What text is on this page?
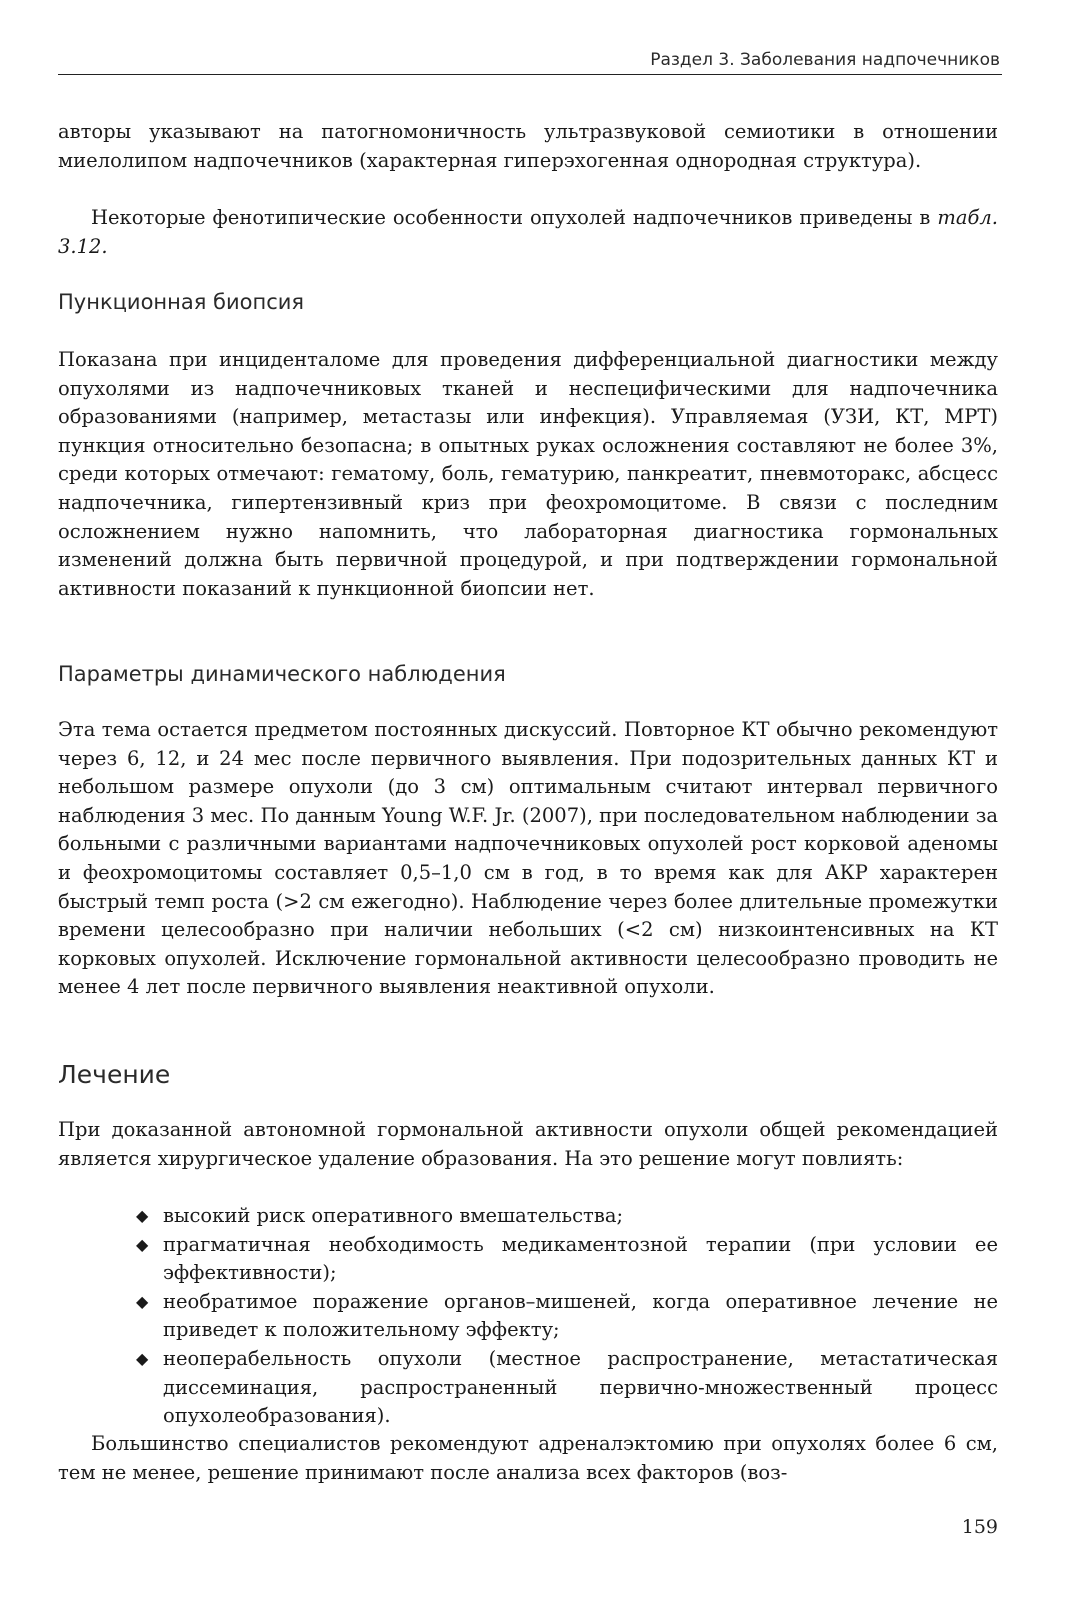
Раздел 3. Заболевания надпочечников

авторы указывают на патогномоничность ультразвуковой семиотики в отношении миелолипом надпочечников (характерная гиперэхогенная однородная структура).

Некоторые фенотипические особенности опухолей надпочечников приведены в табл. 3.12.

Пункционная биопсия

Показана при инциденталоме для проведения дифференциальной диагностики между опухолями из надпочечниковых тканей и неспецифическими для надпочечника образованиями (например, метастазы или инфекция). Управляемая (УЗИ, КТ, МРТ) пункция относительно безопасна; в опытных руках осложнения составляют не более 3%, среди которых отмечают: гематому, боль, гематурию, панкреатит, пневмоторакс, абсцесс надпочечника, гипертензивный криз при феохромоцитоме. В связи с последним осложнением нужно напомнить, что лабораторная диагностика гормональных изменений должна быть первичной процедурой, и при подтверждении гормональной активности показаний к пункционной биопсии нет.

Параметры динамического наблюдения

Эта тема остается предметом постоянных дискуссий. Повторное КТ обычно рекомендуют через 6, 12, и 24 мес после первичного выявления. При подозрительных данных КТ и небольшом размере опухоли (до 3 см) оптимальным считают интервал первичного наблюдения 3 мес. По данным Young W.F. Jr. (2007), при последовательном наблюдении за больными с различными вариантами надпочечниковых опухолей рост корковой аденомы и феохромоцитомы составляет 0,5–1,0 см в год, в то время как для АКР характерен быстрый темп роста (>2 см ежегодно). Наблюдение через более длительные промежутки времени целесообразно при наличии небольших (<2 см) низкоинтенсивных на КТ корковых опухолей. Исключение гормональной активности целесообразно проводить не менее 4 лет после первичного выявления неактивной опухоли.

Лечение

При доказанной автономной гормональной активности опухоли общей рекомендацией является хирургическое удаление образования. На это решение могут повлиять:

◆ высокий риск оперативного вмешательства;
◆ прагматичная необходимость медикаментозной терапии (при условии ее эффективности);
◆ необратимое поражение органов–мишеней, когда оперативное лечение не приведет к положительному эффекту;
◆ неоперабельность опухоли (местное распространение, метастатическая диссеминация, распространенный первично-множественный процесс опухолеобразования).

Большинство специалистов рекомендуют адреналэктомию при опухолях более 6 см, тем не менее, решение принимают после анализа всех факторов (воз-

159
